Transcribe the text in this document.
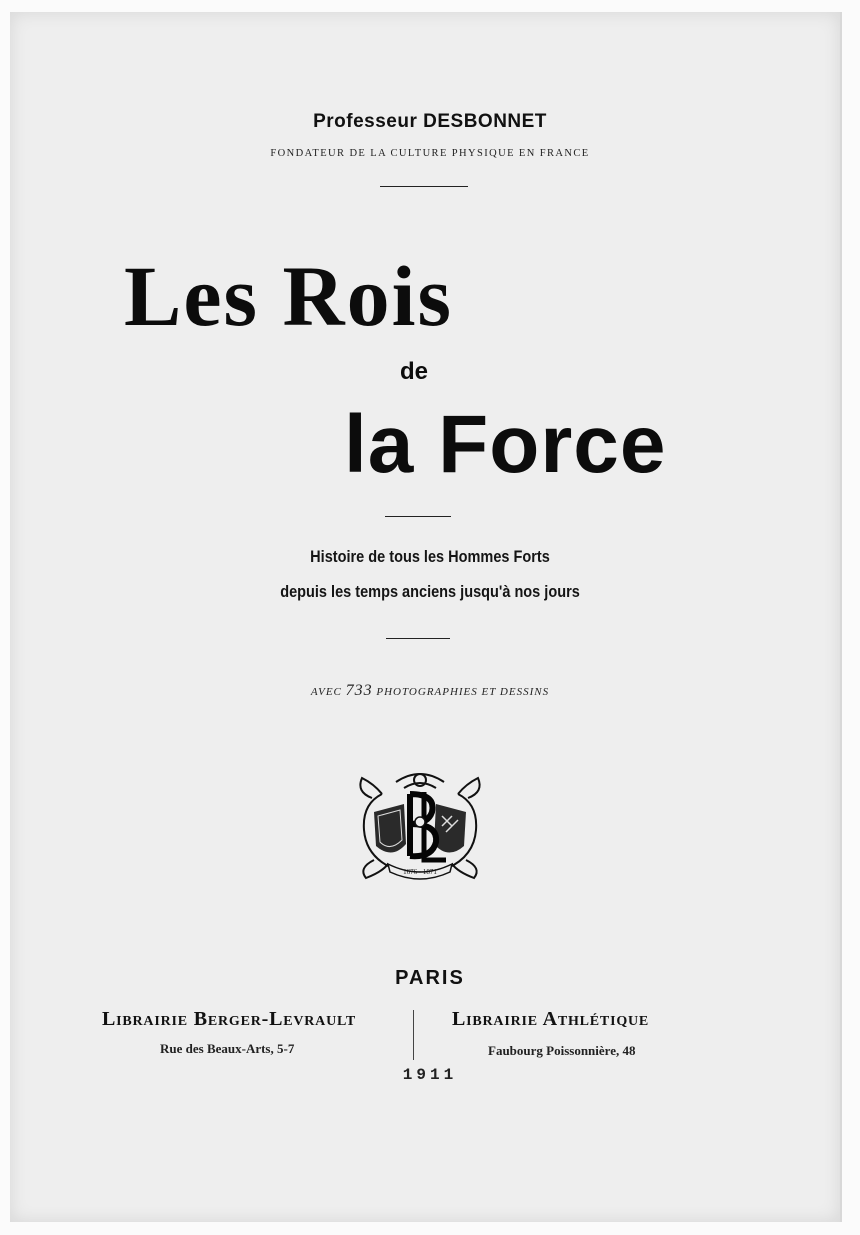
Professeur DESBONNET
FONDATEUR DE LA CULTURE PHYSIQUE EN FRANCE
Les Rois
de
la Force
Histoire de tous les Hommes Forts
depuis les temps anciens jusqu'à nos jours
AVEC 733 PHOTOGRAPHIES ET DESSINS
1676 · 1871
PARIS
Librairie Berger-Levrault
Rue des Beaux-Arts, 5-7
Librairie Athlétique
Faubourg Poissonnière, 48
1911
